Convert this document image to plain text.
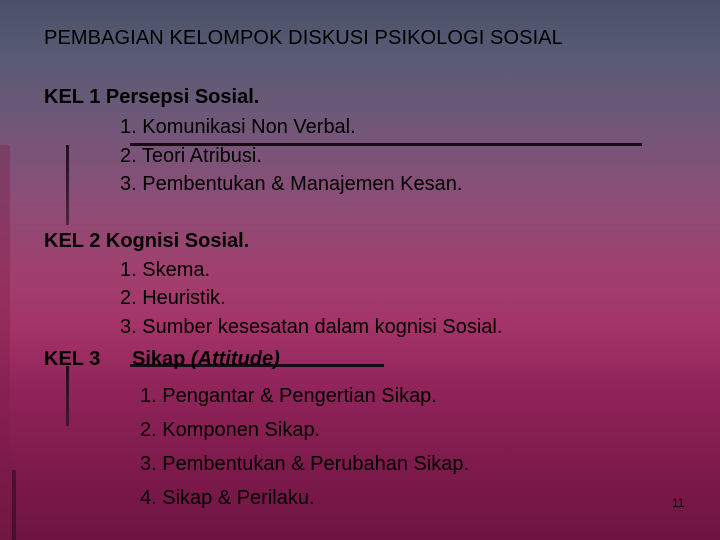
PEMBAGIAN KELOMPOK DISKUSI PSIKOLOGI SOSIAL
KEL 1 Persepsi Sosial.
1. Komunikasi Non Verbal.
2. Teori Atribusi.
3. Pembentukan & Manajemen Kesan.
KEL 2 Kognisi Sosial.
1. Skema.
2. Heuristik.
3. Sumber kesesatan dalam kognisi Sosial.
KEL 3 Sikap (Attitude)
1. Pengantar & Pengertian Sikap.
2. Komponen Sikap.
3. Pembentukan & Perubahan Sikap.
4. Sikap & Perilaku.	11
